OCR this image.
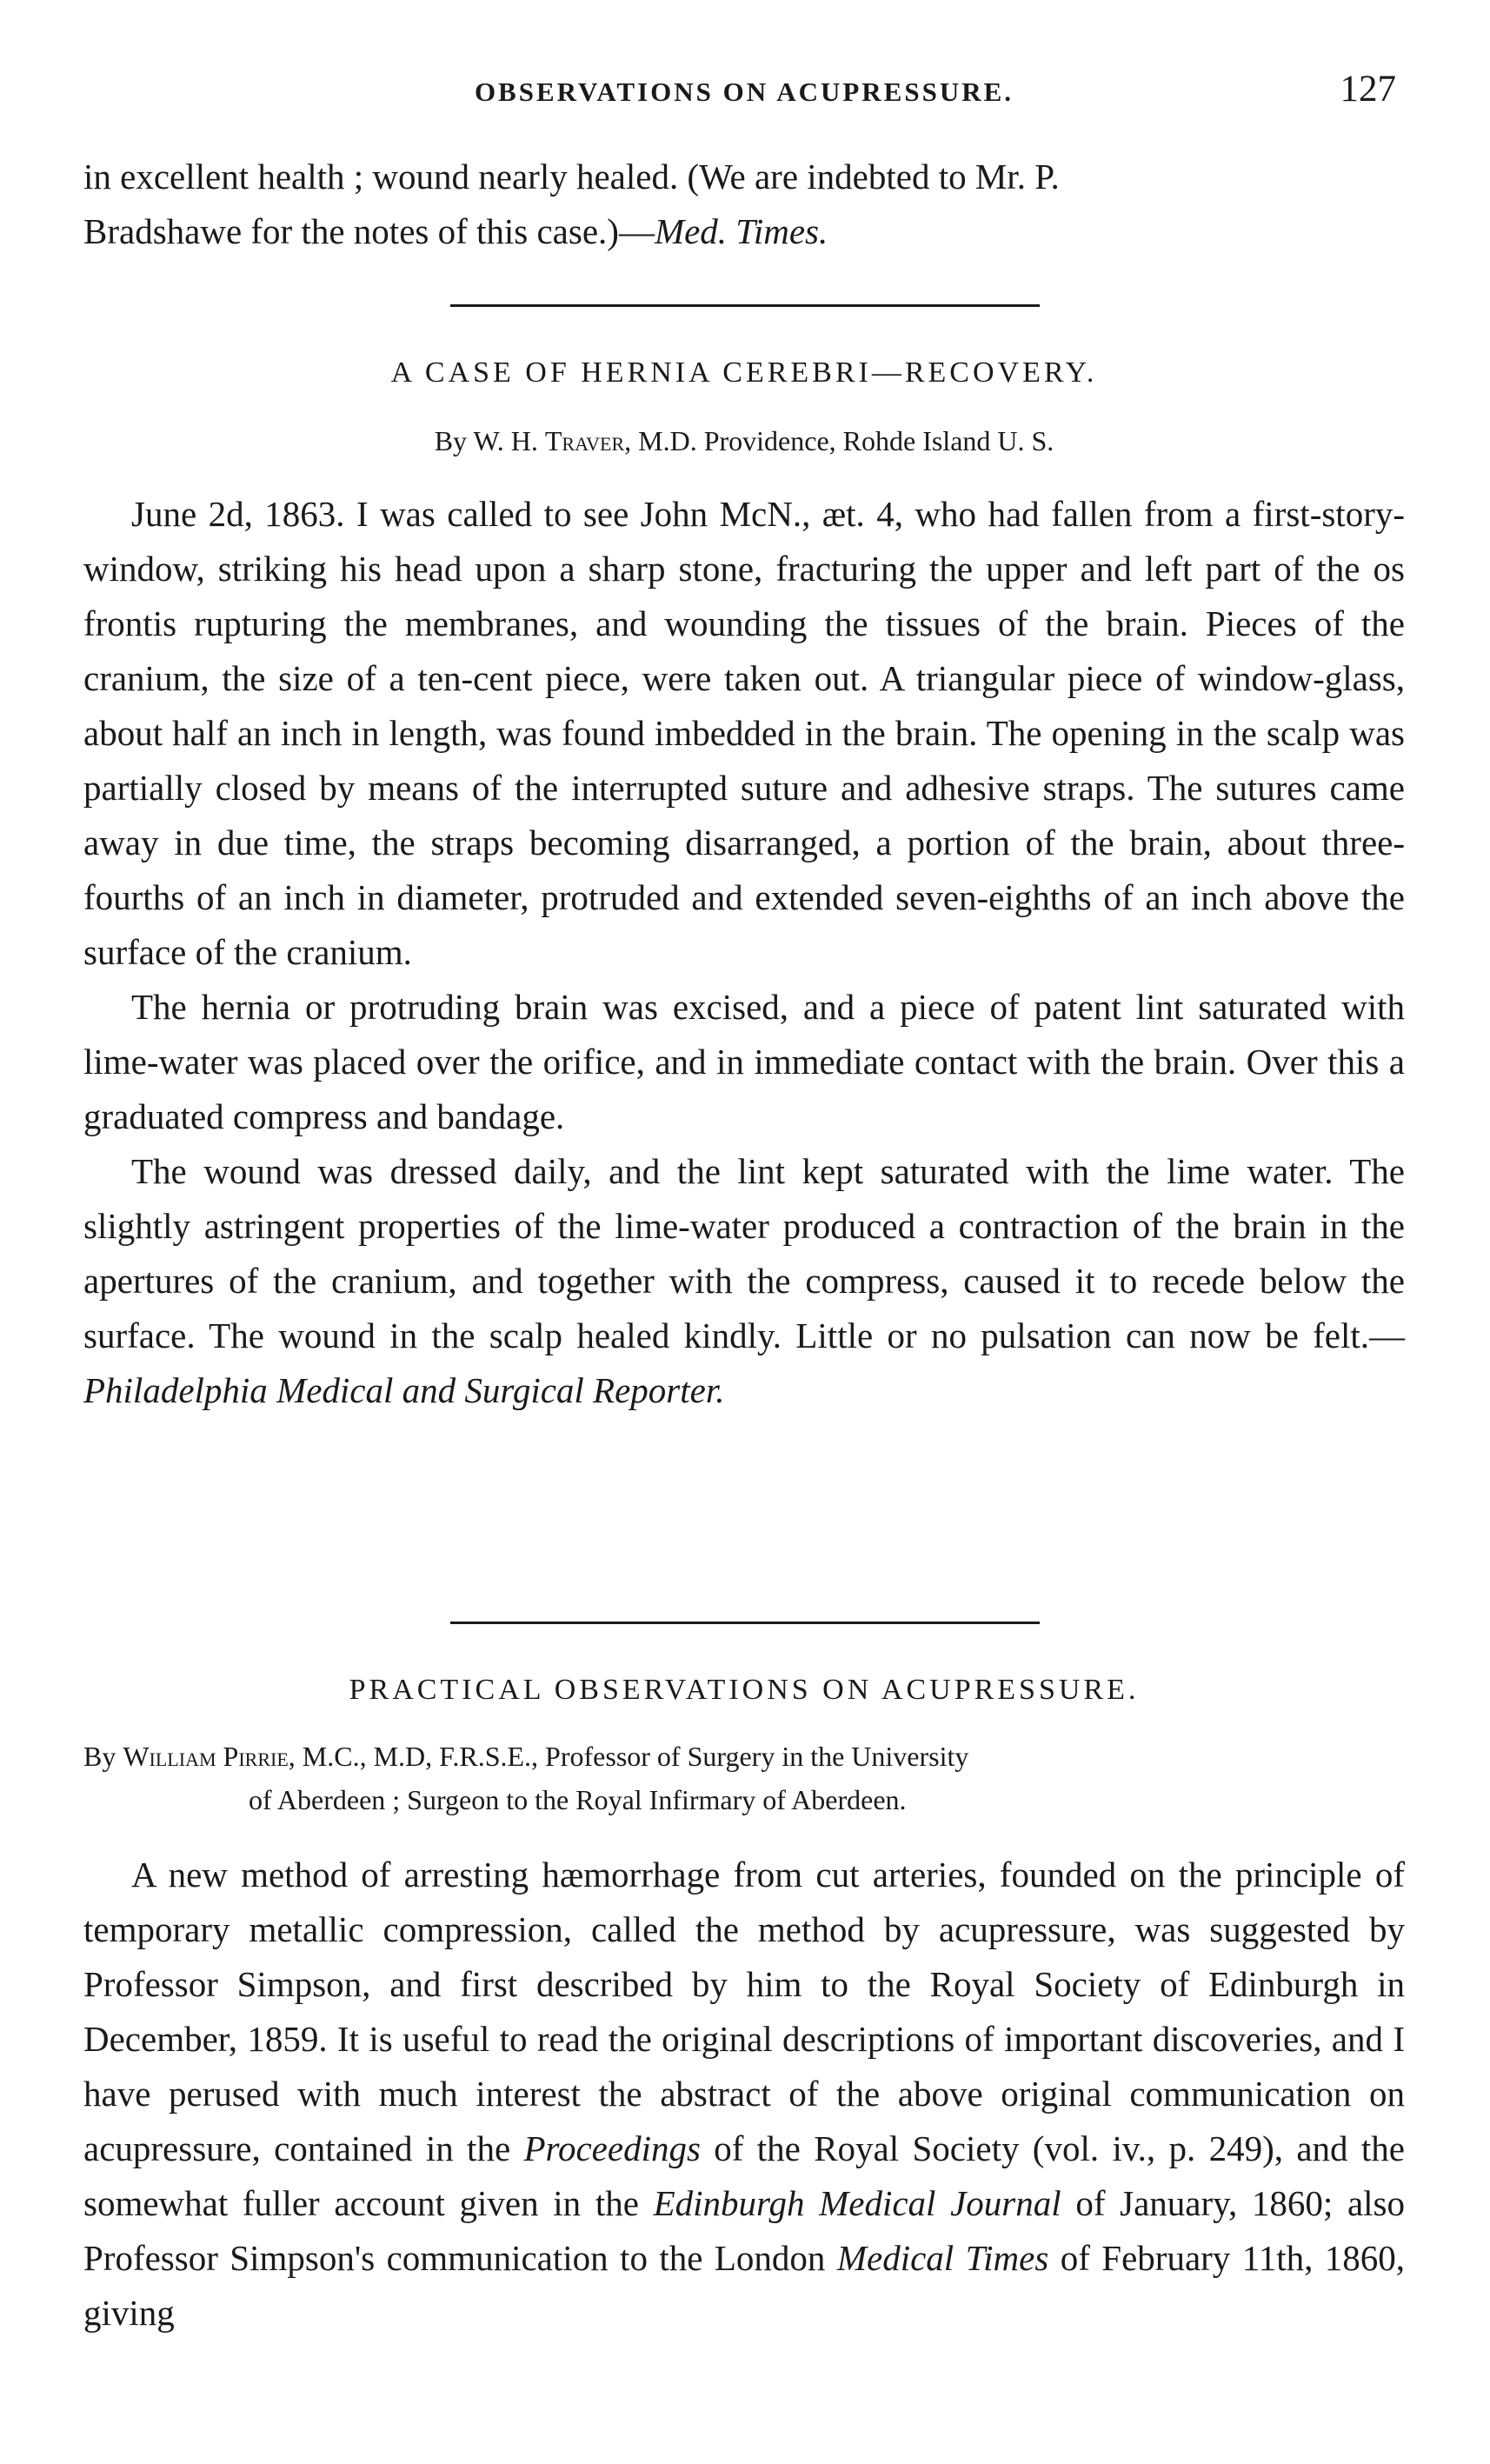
OBSERVATIONS ON ACUPRESSURE.	127

in excellent health ; wound nearly healed. (We are indebted to Mr. P.

Bradshawe for the notes of this case.)—Med. Times.

A CASE OF HERNIA CEREBRI—RECOVERY.
By W. H. Traver, M.D. Providence, Rohde Island U. S.

June 2d, 1863. I was called to see John McN., æt. 4, who had fallen from a first-story-window, striking his head upon a sharp stone, fracturing the upper and left part of the os frontis rupturing the membranes, and wounding the tissues of the brain. Pieces of the cranium, the size of a ten-cent piece, were taken out. A triangular piece of window-glass, about half an inch in length, was found imbedded in the brain. The opening in the scalp was partially closed by means of the interrupted suture and adhesive straps. The sutures came away in due time, the straps becoming disarranged, a portion of the brain, about three-fourths of an inch in diameter, protruded and extended seven-eighths of an inch above the surface of the cranium.

The hernia or protruding brain was excised, and a piece of patent lint saturated with lime-water was placed over the orifice, and in immediate contact with the brain. Over this a graduated compress and bandage.

The wound was dressed daily, and the lint kept saturated with the lime water. The slightly astringent properties of the lime-water produced a contraction of the brain in the apertures of the cranium, and together with the compress, caused it to recede below the surface. The wound in the scalp healed kindly. Little or no pulsation can now be felt.—Philadelphia Medical and Surgical Reporter.

PRACTICAL OBSERVATIONS ON ACUPRESSURE.
By William Pirrie, M.C., M.D, F.R.S.E., Professor of Surgery in the University
of Aberdeen ; Surgeon to the Royal Infirmary of Aberdeen.

A new method of arresting hæmorrhage from cut arteries, founded on the principle of temporary metallic compression, called the method by acupressure, was suggested by Professor Simpson, and first described by him to the Royal Society of Edinburgh in December, 1859. It is useful to read the original descriptions of important discoveries, and I have perused with much interest the abstract of the above original communication on acupressure, contained in the Proceedings of the Royal Society (vol. iv., p. 249), and the somewhat fuller account given in the Edinburgh Medical Journal of January, 1860; also Professor Simpson's communication to the London Medical Times of February 11th, 1860, giving
